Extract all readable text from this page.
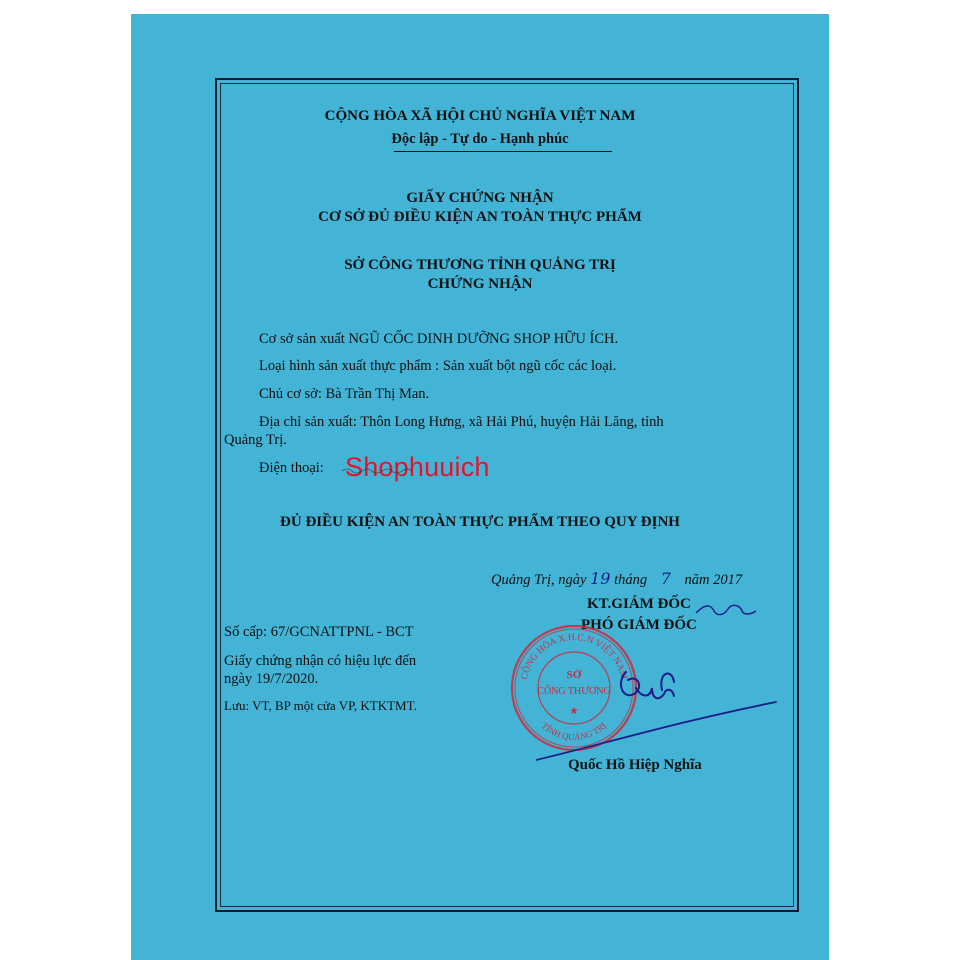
CỘNG HÒA XÃ HỘI CHỦ NGHĨA VIỆT NAM
Độc lập - Tự do - Hạnh phúc
GIẤY CHỨNG NHẬN
CƠ SỞ ĐỦ ĐIỀU KIỆN AN TOÀN THỰC PHẨM
SỞ CÔNG THƯƠNG TỈNH QUẢNG TRỊ
CHỨNG NHẬN
Cơ sở sản xuất NGŨ CỐC DINH DƯỠNG SHOP HỮU ÍCH.
Loại hình sản xuất thực phẩm : Sản xuất bột ngũ cốc các loại.
Chủ cơ sở: Bà Trần Thị Man.
Địa chỉ sản xuất: Thôn Long Hưng, xã Hải Phú, huyện Hải Lăng, tỉnh
Quảng Trị.
Điện thoại:
ĐỦ ĐIỀU KIỆN AN TOÀN THỰC PHẨM THEO QUY ĐỊNH
Quảng Trị, ngày 19 tháng 7 năm 2017
KT.GIÁM ĐỐC
PHÓ GIÁM ĐỐC
Số cấp: 67/GCNATTPNL - BCT
Giấy chứng nhận có hiệu lực đến
ngày 19/7/2020.
Lưu: VT, BP một cửa VP, KTKTMT.
Quốc Hồ Hiệp Nghĩa
Shophuuich
CỘNG HÒA X.H.C.N VIỆT NAM
TỈNH QUẢNG TRỊ
SỞ
CÔNG THƯƠNG
★
